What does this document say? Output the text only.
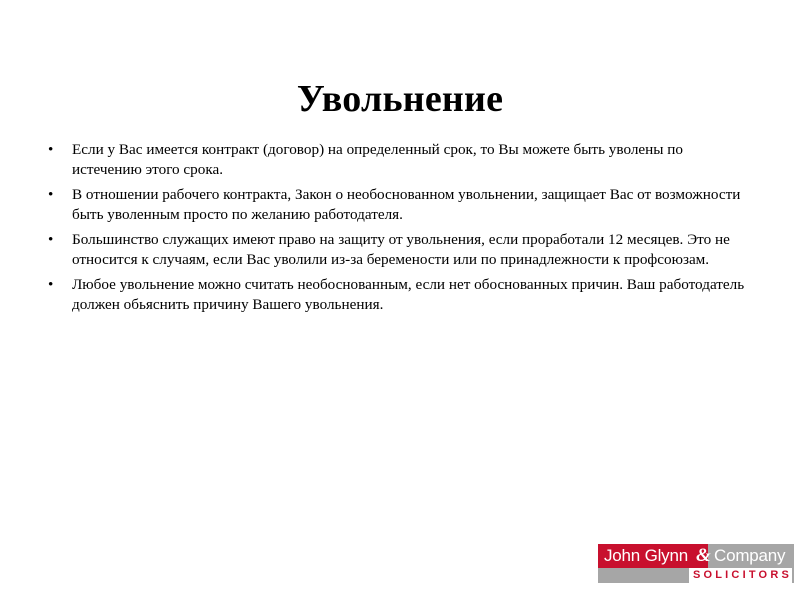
Увольнение
•	Если у Вас имеется контракт (договор) на определенный срок, то Вы можете быть уволены по истечению этого срока.
•	В отношении рабочего контракта, Закон о необоснованном увольнении, защищает Вас от возможности быть уволенным просто по желанию работодателя.
•	Большинство служащих имеют право на защиту от увольнения, если проработали 12 месяцев. Это не относится к случаям, если Вас уволили из-за беремености или по принадлежности к профсоюзам.
•	Любое увольнение можно считать необоснованным, если нет обоснованных причин. Ваш работодатель должен обьяснить причину Вашего увольнения.
John Glynn & Company
SOLICITORS
